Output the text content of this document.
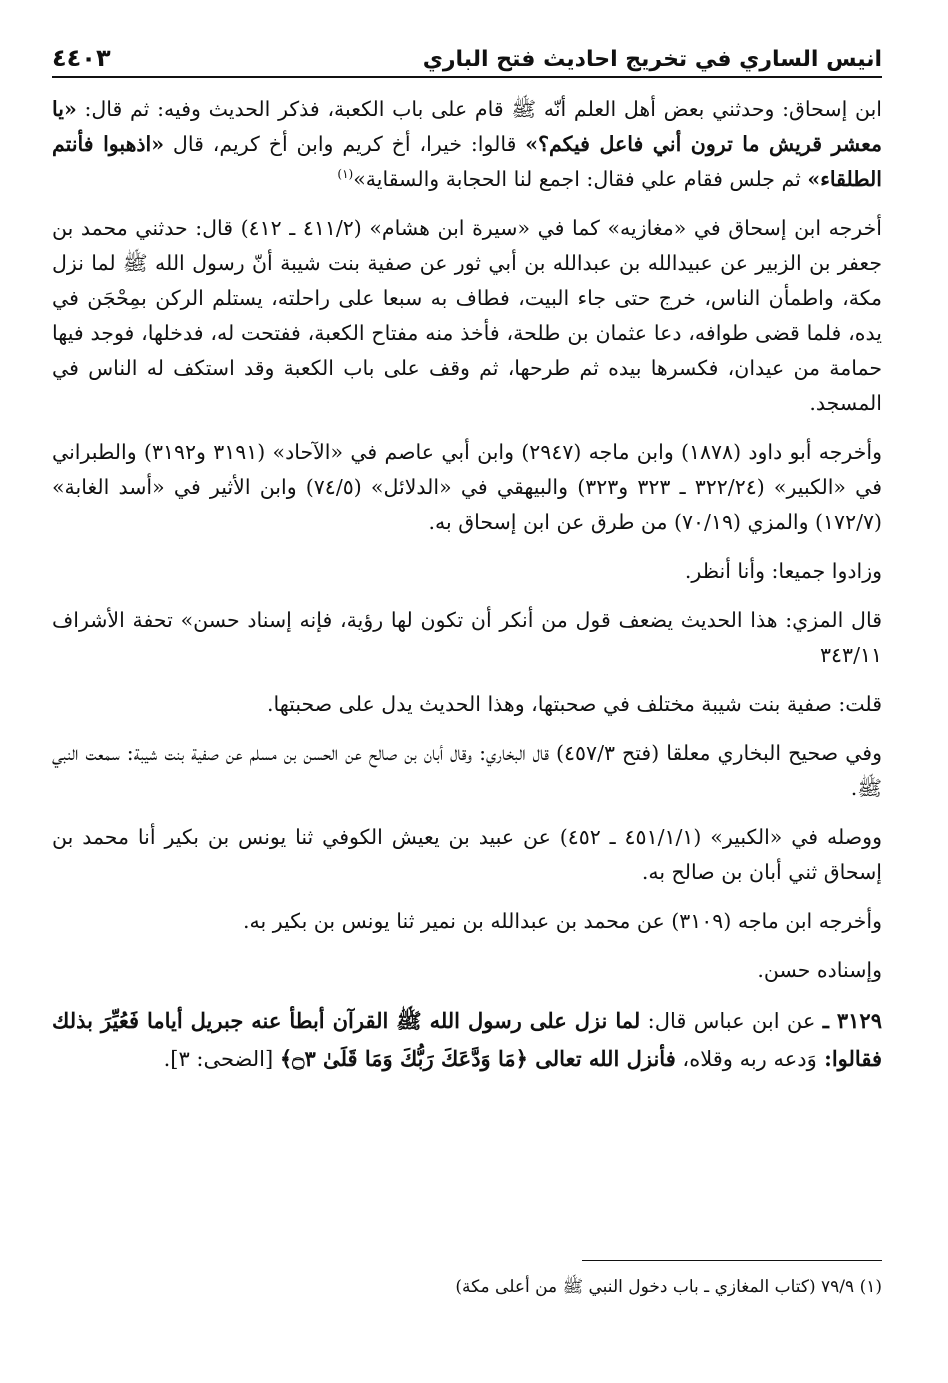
انيس الساري في تخريج احاديث فتح الباري
٤٤٠٣

ابن إسحاق: وحدثني بعض أهل العلم أنّه ﷺ قام على باب الكعبة، فذكر الحديث وفيه: ثم قال: «يا معشر قريش ما ترون أني فاعل فيكم؟» قالوا: خيرا، أخ كريم وابن أخ كريم، قال «اذهبوا فأنتم الطلقاء» ثم جلس فقام علي فقال: اجمع لنا الحجابة والسقاية»$^{(١)}$

أخرجه ابن إسحاق في «مغازيه» كما في «سيرة ابن هشام» (٤١١/٢ ـ ٤١٢) قال: حدثني محمد بن جعفر بن الزبير عن عبيدالله بن عبدالله بن أبي ثور عن صفية بنت شيبة أنّ رسول الله ﷺ لما نزل مكة، واطمأن الناس، خرج حتى جاء البيت، فطاف به سبعا على راحلته، يستلم الركن بمِحْجَن في يده، فلما قضى طوافه، دعا عثمان بن طلحة، فأخذ منه مفتاح الكعبة، ففتحت له، فدخلها، فوجد فيها حمامة من عيدان، فكسرها بيده ثم طرحها، ثم وقف على باب الكعبة وقد استكف له الناس في المسجد.

وأخرجه أبو داود (١٨٧٨) وابن ماجه (٢٩٤٧) وابن أبي عاصم في «الآحاد» (٣١٩١ و٣١٩٢) والطبراني في «الكبير» (٣٢٢/٢٤ ـ ٣٢٣ و٣٢٣) والبيهقي في «الدلائل» (٧٤/٥) وابن الأثير في «أسد الغابة» (١٧٢/٧) والمزي (٧٠/١٩) من طرق عن ابن إسحاق به.

وزادوا جميعا: وأنا أنظر.

قال المزي: هذا الحديث يضعف قول من أنكر أن تكون لها رؤية، فإنه إسناد حسن» تحفة الأشراف ٣٤٣/١١

قلت: صفية بنت شيبة مختلف في صحبتها، وهذا الحديث يدل على صحبتها.

وفي صحيح البخاري معلقا (فتح ٤٥٧/٣) قال البخاري: وقال أبان بن صالح عن الحسن بن مسلم عن صفية بنت شيبة: سمعت النبي ﷺ.

ووصله في «الكبير» (٤٥١/١/١ ـ ٤٥٢) عن عبيد بن يعيش الكوفي ثنا يونس بن بكير أنا محمد بن إسحاق ثني أبان بن صالح به.

وأخرجه ابن ماجه (٣١٠٩) عن محمد بن عبدالله بن نمير ثنا يونس بن بكير به.

وإسناده حسن.

٣١٢٩ ـ عن ابن عباس قال: لما نزل على رسول الله ﷺ القرآن أبطأ عنه جبريل أياما فَعُيِّرَ بذلك فقالوا: وَدعه ربه وقلاه، فأنزل الله تعالى ﴿مَا وَدَّعَكَ رَبُّكَ وَمَا قَلَىٰ ۝٣﴾ [الضحى: ٣].

(١) ٧٩/٩ (كتاب المغازي ـ باب دخول النبي ﷺ من أعلى مكة)
